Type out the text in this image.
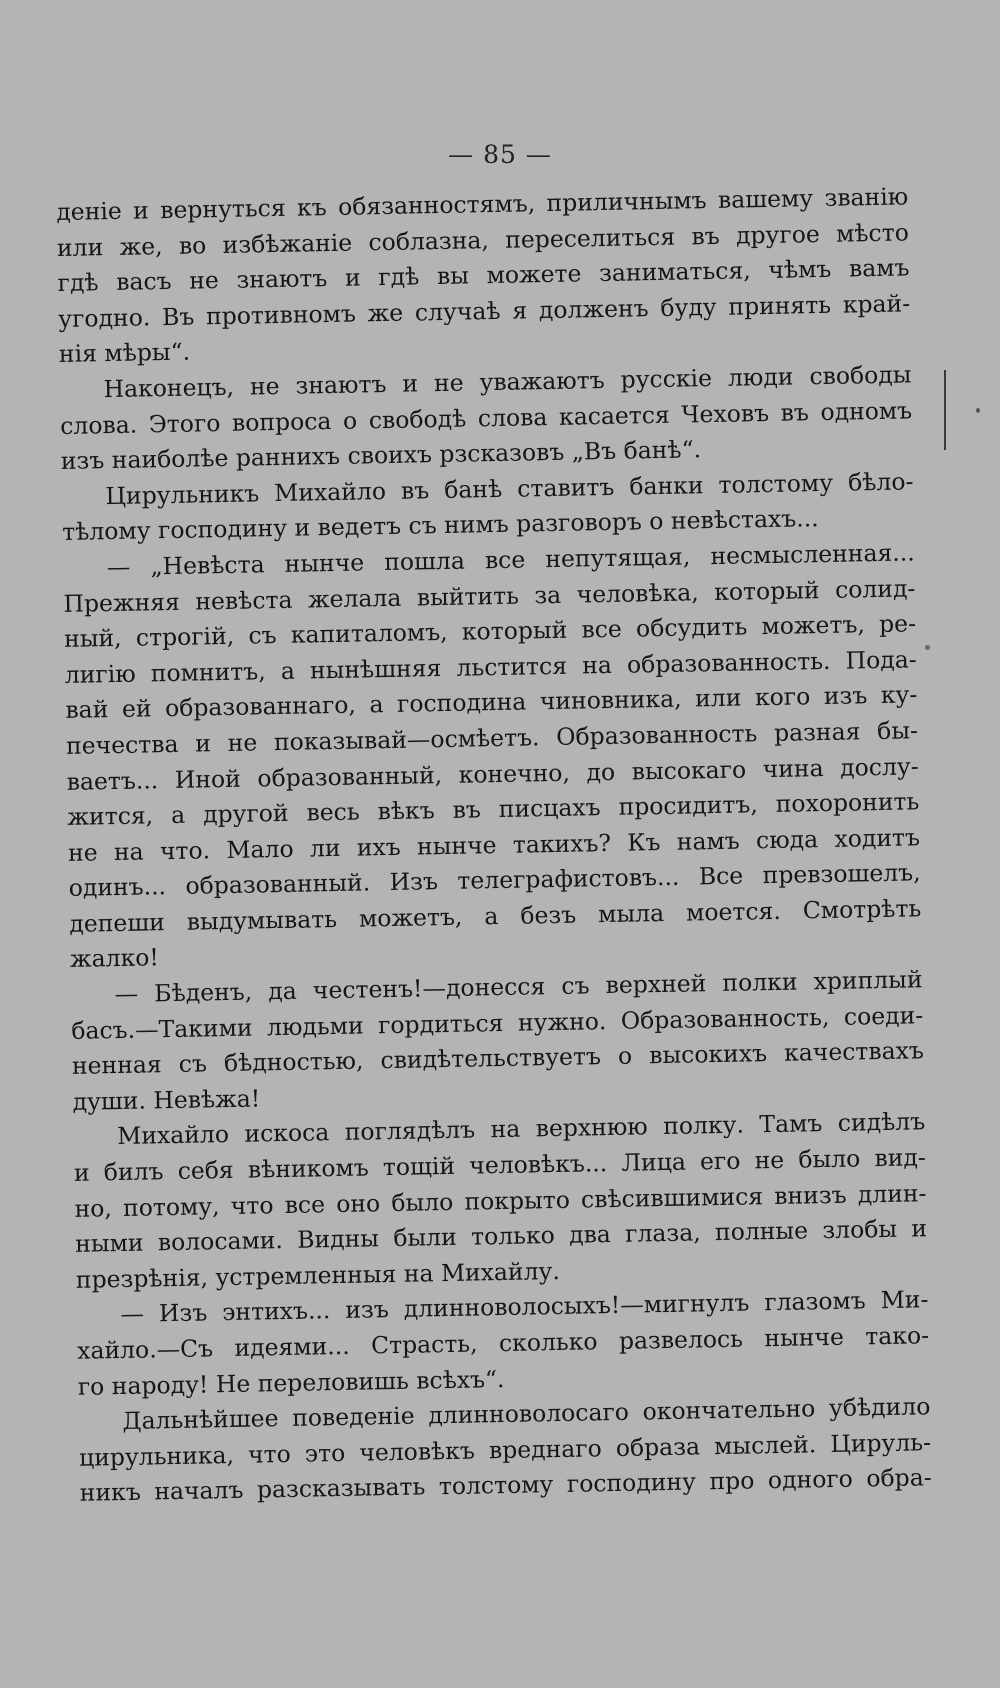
— 85 —
деніе и вернуться къ обязанностямъ, приличнымъ вашему званію
или же, во избѣжаніе соблазна, переселиться въ другое мѣсто
гдѣ васъ не знаютъ и гдѣ вы можете заниматься, чѣмъ вамъ
угодно. Въ противномъ же случаѣ я долженъ буду принять край-
нія мѣры“.
Наконецъ, не знаютъ и не уважаютъ русскіе люди свободы
слова. Этого вопроса о свободѣ слова касается Чеховъ въ одномъ
изъ наиболѣе раннихъ своихъ рзсказовъ „Въ банѣ“.
Цирульникъ Михайло въ банѣ ставитъ банки толстому бѣло-
тѣлому господину и ведетъ съ нимъ разговоръ о невѣстахъ...
— „Невѣста нынче пошла все непутящая, несмысленная...
Прежняя невѣста желала выйтить за человѣка, который солид-
ный, строгій, съ капиталомъ, который все обсудить можетъ, ре-
лигію помнитъ, а нынѣшняя льстится на образованность. Пода-
вай ей образованнаго, а господина чиновника, или кого изъ ку-
печества и не показывай—осмѣетъ. Образованность разная бы-
ваетъ... Иной образованный, конечно, до высокаго чина дослу-
жится, а другой весь вѣкъ въ писцахъ просидитъ, похоронить
не на что. Мало ли ихъ нынче такихъ? Къ намъ сюда ходитъ
одинъ... образованный. Изъ телеграфистовъ... Все превзошелъ,
депеши выдумывать можетъ, а безъ мыла моется. Смотрѣть
жалко!
— Бѣденъ, да честенъ!—донесся съ верхней полки хриплый
басъ.—Такими людьми гордиться нужно. Образованность, соеди-
ненная съ бѣдностью, свидѣтельствуетъ о высокихъ качествахъ
души. Невѣжа!
Михайло искоса поглядѣлъ на верхнюю полку. Тамъ сидѣлъ
и билъ себя вѣникомъ тощій человѣкъ... Лица его не было вид-
но, потому, что все оно было покрыто свѣсившимися внизъ длин-
ными волосами. Видны были только два глаза, полные злобы и
презрѣнія, устремленныя на Михайлу.
— Изъ энтихъ... изъ длинноволосыхъ!—мигнулъ глазомъ Ми-
хайло.—Съ идеями... Страсть, сколько развелось нынче тако-
го народу! Не переловишь всѣхъ“.
Дальнѣйшее поведеніе длинноволосаго окончательно убѣдило
цирульника, что это человѣкъ вреднаго образа мыслей. Цируль-
никъ началъ разсказывать толстому господину про одного обра-
